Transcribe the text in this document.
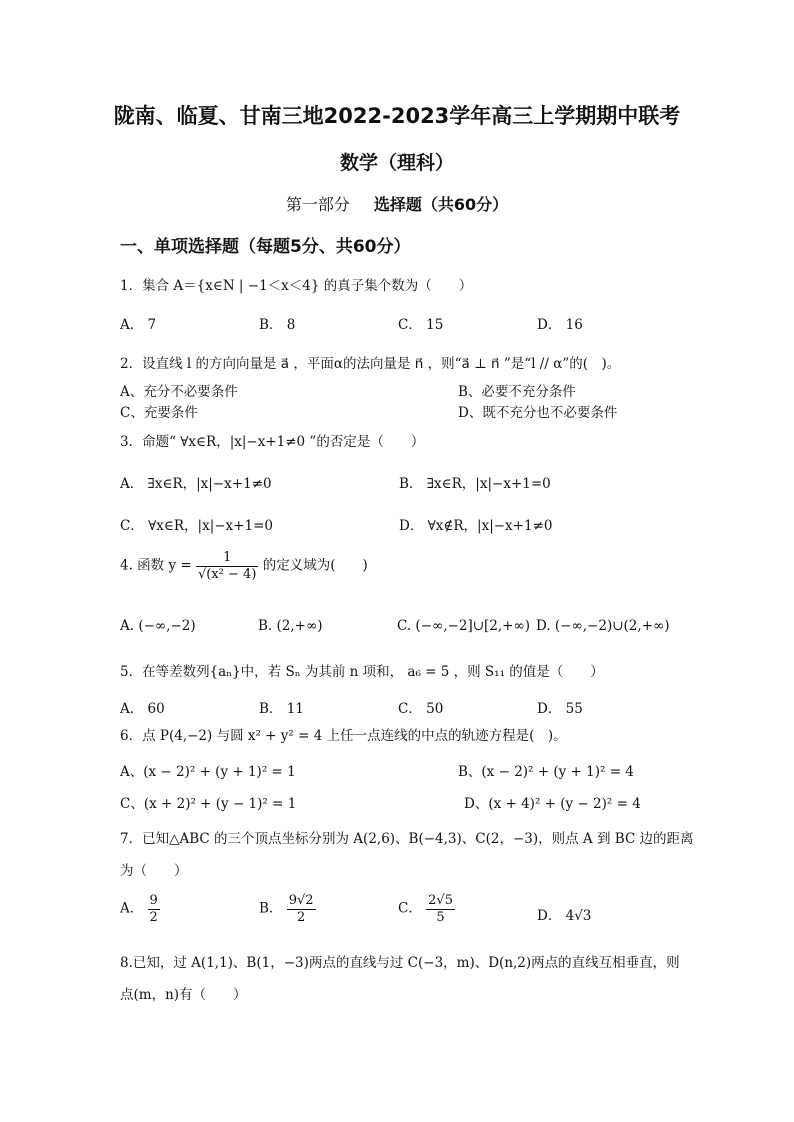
陇南、临夏、甘南三地2022-2023学年高三上学期期中联考
数学（理科）
第一部分 选择题（共60分）
一、单项选择题（每题5分、共60分）
1．集合 A＝{x∈N | −1＜x＜4} 的真子集个数为（　　）
A． 7	B． 8	C． 15	D． 16
2．设直线 l 的方向向量是 a⃗ ，平面α的法向量是 n⃗ ，则“a⃗ ⊥ n⃗ ”是“l // α”的(　)。
A、充分不必要条件	B、必要不充分条件
C、充要条件	D、既不充分也不必要条件
3．命题“ ∀x∈R，|x|−x+1≠0 ”的否定是（　　）
A． ∃x∈R，|x|−x+1≠0	B． ∃x∈R，|x|−x+1=0
C． ∀x∈R，|x|−x+1=0	D． ∀x∉R，|x|−x+1≠0
4. 函数 $y = \frac{1}{\text{√(x² − 4)}}$ 的定义域为(　　)
A. (−∞,−2)	B. (2,+∞)	C. (−∞,−2]∪[2,+∞) D. (−∞,−2)∪(2,+∞)
5．在等差数列{aₙ}中，若 Sₙ 为其前 n 项和， a₆ = 5 ，则 S₁₁ 的值是（　　）
A． 60	B． 11	C． 50	D． 55
6．点 P(4,−2) 与圆 x² + y² = 4 上任一点连线的中点的轨迹方程是(　)。
A、(x − 2)² + (y + 1)² = 1	B、(x − 2)² + (y + 1)² = 4
C、(x + 2)² + (y − 1)² = 1	D、(x + 4)² + (y − 2)² = 4
7．已知△ABC 的三个顶点坐标分别为 A(2,6)、B(−4,3)、C(2，−3)，则点 A 到 BC 边的距离
为（　　）
A． $\frac{9}{2}$	B． $\frac{9√2}{2}$	C． $\frac{2√5}{5}$	D． 4√3
8.已知，过 A(1,1)、B(1，−3)两点的直线与过 C(−3，m)、D(n,2)两点的直线互相垂直，则
点(m，n)有（　　）
